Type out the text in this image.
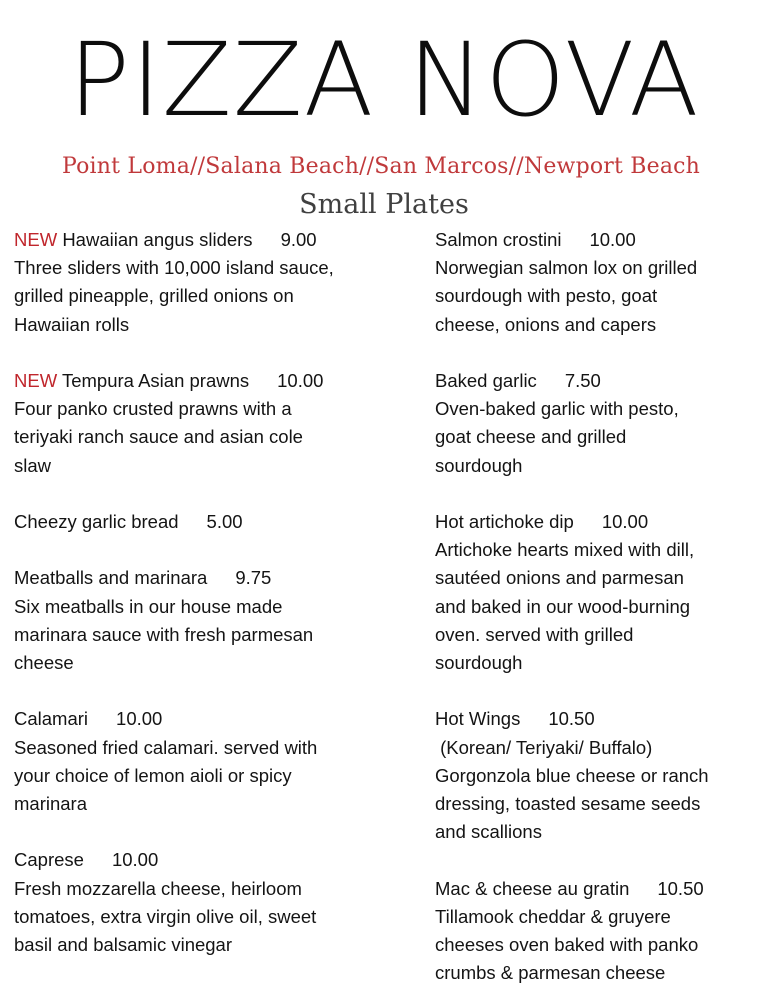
PIZZA NOVA
Point Loma//Salana Beach//San Marcos//Newport Beach
Small Plates
NEW Hawaiian angus sliders 9.00
Three sliders with 10,000 island sauce,
grilled pineapple, grilled onions on
Hawaiian rolls
NEW Tempura Asian prawns 10.00
Four panko crusted prawns with a
teriyaki ranch sauce and asian cole
slaw
Cheezy garlic bread 5.00
Meatballs and marinara 9.75
Six meatballs in our house made
marinara sauce with fresh parmesan
cheese
Calamari 10.00
Seasoned fried calamari. served with
your choice of lemon aioli or spicy
marinara
Caprese 10.00
Fresh mozzarella cheese, heirloom
tomatoes, extra virgin olive oil, sweet
basil and balsamic vinegar
Salmon crostini 10.00
Norwegian salmon lox on grilled
sourdough with pesto, goat
cheese, onions and capers
Baked garlic 7.50
Oven-baked garlic with pesto,
goat cheese and grilled
sourdough
Hot artichoke dip 10.00
Artichoke hearts mixed with dill,
sautéed onions and parmesan
and baked in our wood-burning
oven. served with grilled
sourdough
Hot Wings 10.50
(Korean/ Teriyaki/ Buffalo)
Gorgonzola blue cheese or ranch
dressing, toasted sesame seeds
and scallions
Mac & cheese au gratin 10.50
Tillamook cheddar & gruyere
cheeses oven baked with panko
crumbs & parmesan cheese
